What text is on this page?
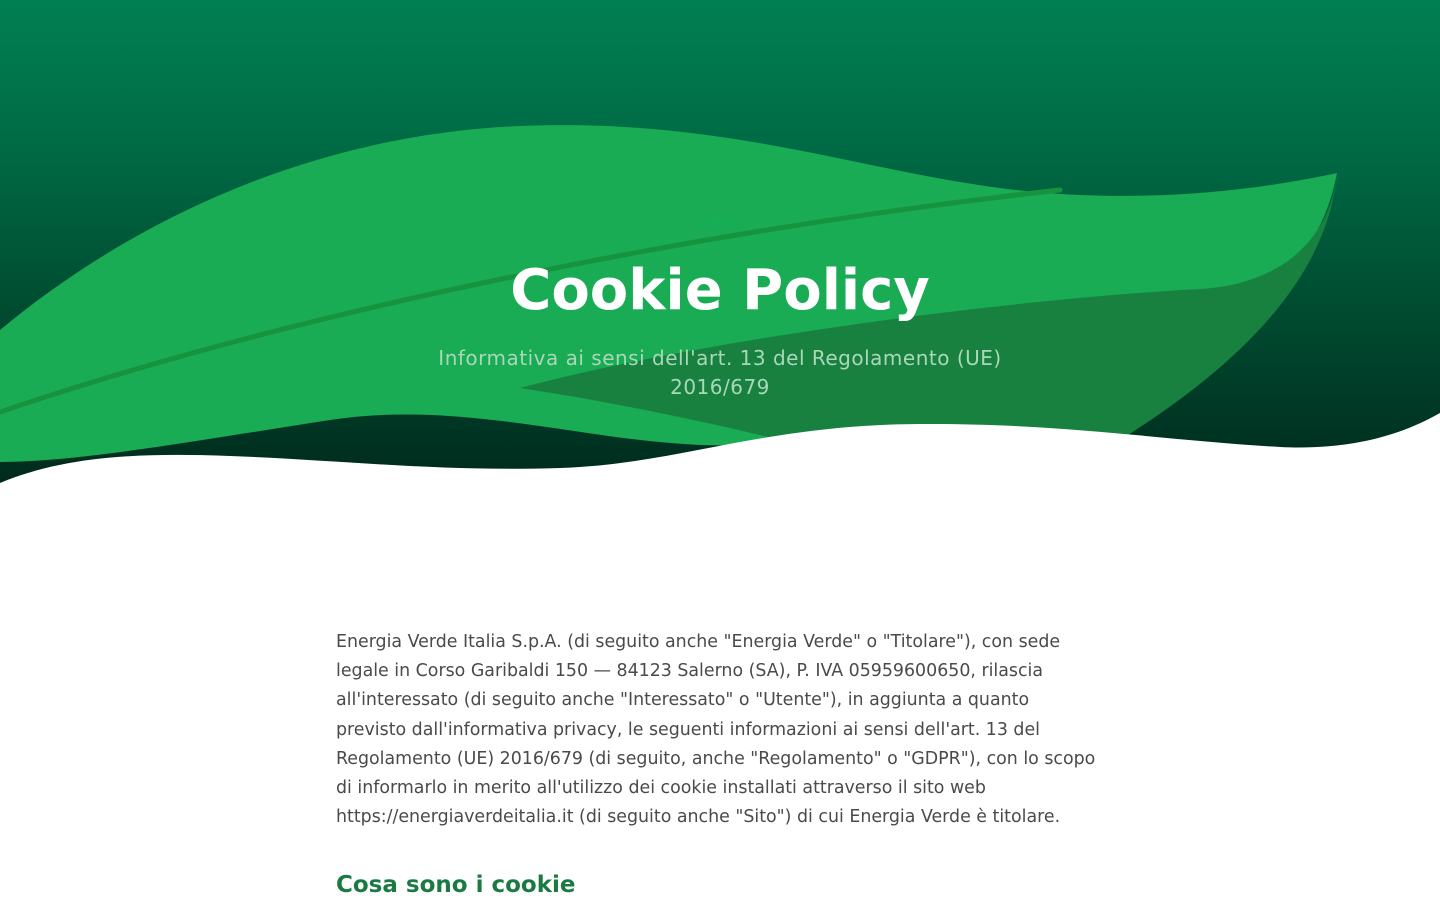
Legale
Cookie Policy

Informativa ai sensi dell'art. 13 del Regolamento (UE) 2016/679

Energia Verde Italia S.p.A. (di seguito anche "Energia Verde" o "Titolare"), con sede legale in Corso Garibaldi 150 — 84123 Salerno (SA), P. IVA 05959600650, rilascia all'interessato (di seguito anche "Interessato" o "Utente"), in aggiunta a quanto previsto dall'informativa privacy, le seguenti informazioni ai sensi dell'art. 13 del Regolamento (UE) 2016/679 (di seguito, anche "Regolamento" o "GDPR"), con lo scopo di informarlo in merito all'utilizzo dei cookie installati attraverso il sito web https://energiaverdeitalia.it (di seguito anche "Sito") di cui Energia Verde è titolare.

Cosa sono i cookie
